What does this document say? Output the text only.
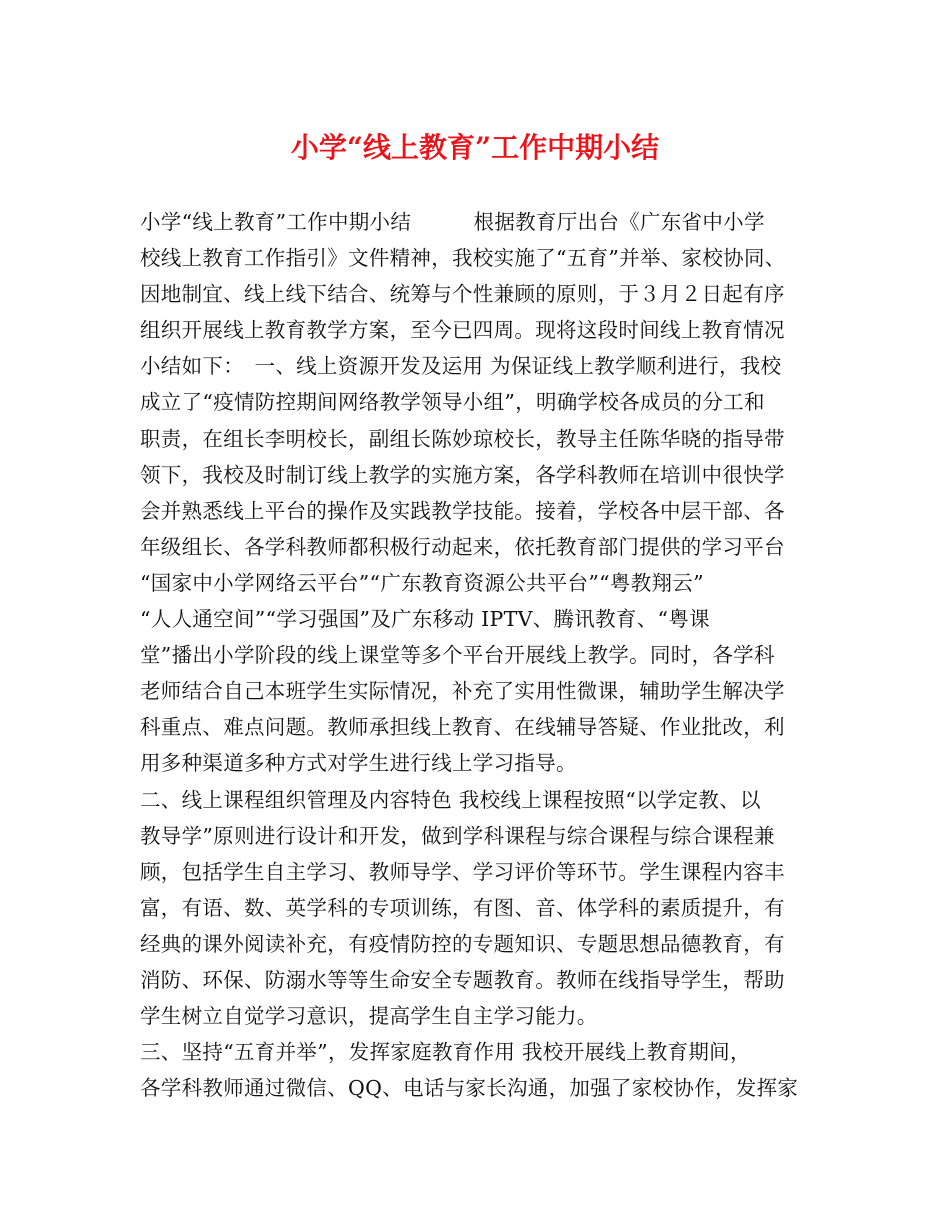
小学“线上教育”工作中期小结
小学“线上教育”工作中期小结　　　根据教育厅出台《广东省中小学
校线上教育工作指引》文件精神，我校实施了“五育”并举、家校协同、
因地制宜、线上线下结合、统筹与个性兼顾的原则，于３月２日起有序
组织开展线上教育教学方案，至今已四周。现将这段时间线上教育情况
小结如下：　一、线上资源开发及运用 为保证线上教学顺利进行，我校
成立了“疫情防控期间网络教学领导小组”，明确学校各成员的分工和
职责，在组长李明校长，副组长陈妙琼校长，教导主任陈华晓的指导带
领下，我校及时制订线上教学的实施方案，各学科教师在培训中很快学
会并熟悉线上平台的操作及实践教学技能。接着，学校各中层干部、各
年级组长、各学科教师都积极行动起来，依托教育部门提供的学习平台
“国家中小学网络云平台”“广东教育资源公共平台”“粤教翔云”
“人人通空间”“学习强国”及广东移动 IPTV、腾讯教育、“粤课
堂”播出小学阶段的线上课堂等多个平台开展线上教学。同时，各学科
老师结合自己本班学生实际情况，补充了实用性微课，辅助学生解决学
科重点、难点问题。教师承担线上教育、在线辅导答疑、作业批改，利
用多种渠道多种方式对学生进行线上学习指导。
二、线上课程组织管理及内容特色 我校线上课程按照“以学定教、以
教导学”原则进行设计和开发，做到学科课程与综合课程与综合课程兼
顾，包括学生自主学习、教师导学、学习评价等环节。学生课程内容丰
富，有语、数、英学科的专项训练，有图、音、体学科的素质提升，有
经典的课外阅读补充，有疫情防控的专题知识、专题思想品德教育，有
消防、环保、防溺水等等生命安全专题教育。教师在线指导学生，帮助
学生树立自觉学习意识，提高学生自主学习能力。
三、坚持“五育并举”，发挥家庭教育作用 我校开展线上教育期间，
各学科教师通过微信、QQ、电话与家长沟通，加强了家校协作，发挥家
